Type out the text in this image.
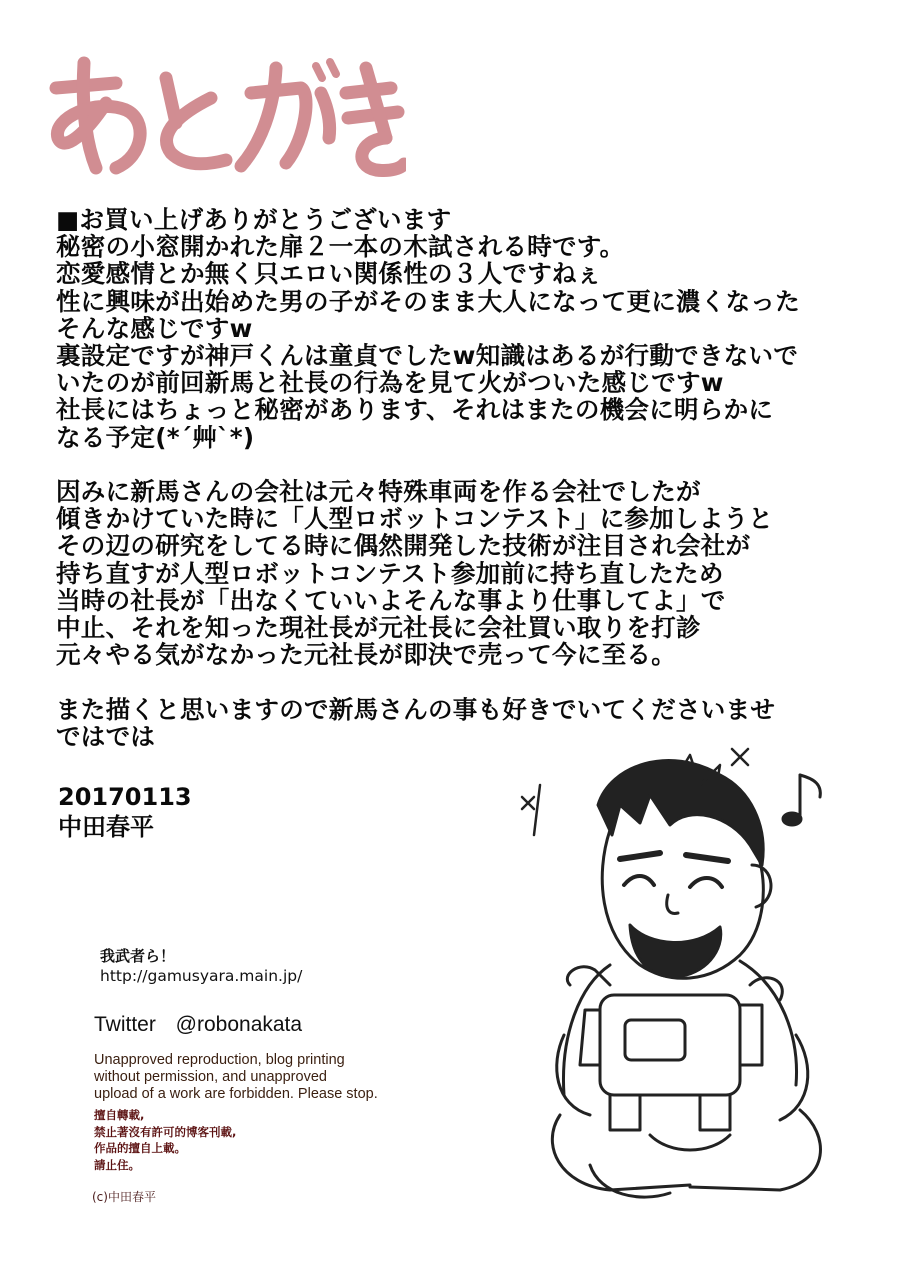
■お買い上げありがとうございます
秘密の小窓開かれた扉２一本の木試される時です。
恋愛感情とか無く只エロい関係性の３人ですねぇ
性に興味が出始めた男の子がそのまま大人になって更に濃くなった
そんな感じですw
裏設定ですが神戸くんは童貞でしたw知識はあるが行動できないで
いたのが前回新馬と社長の行為を見て火がついた感じですw
社長にはちょっと秘密があります、それはまたの機会に明らかに
なる予定(*´艸`*)
因みに新馬さんの会社は元々特殊車両を作る会社でしたが
傾きかけていた時に「人型ロボットコンテスト」に参加しようと
その辺の研究をしてる時に偶然開発した技術が注目され会社が
持ち直すが人型ロボットコンテスト参加前に持ち直したため
当時の社長が「出なくていいよそんな事より仕事してよ」で
中止、それを知った現社長が元社長に会社買い取りを打診
元々やる気がなかった元社長が即決で売って今に至る。
また描くと思いますので新馬さんの事も好きでいてくださいませ
ではでは
20170113
中田春平
我武者ら！
http://gamusyara.main.jp/
Twitter @robonakata
Unapproved reproduction, blog printing
without permission, and unapproved
upload of a work are forbidden. Please stop.
擅自轉載,
禁止著沒有許可的博客刊載,
作品的擅自上載。
請止住。
(c)中田春平
